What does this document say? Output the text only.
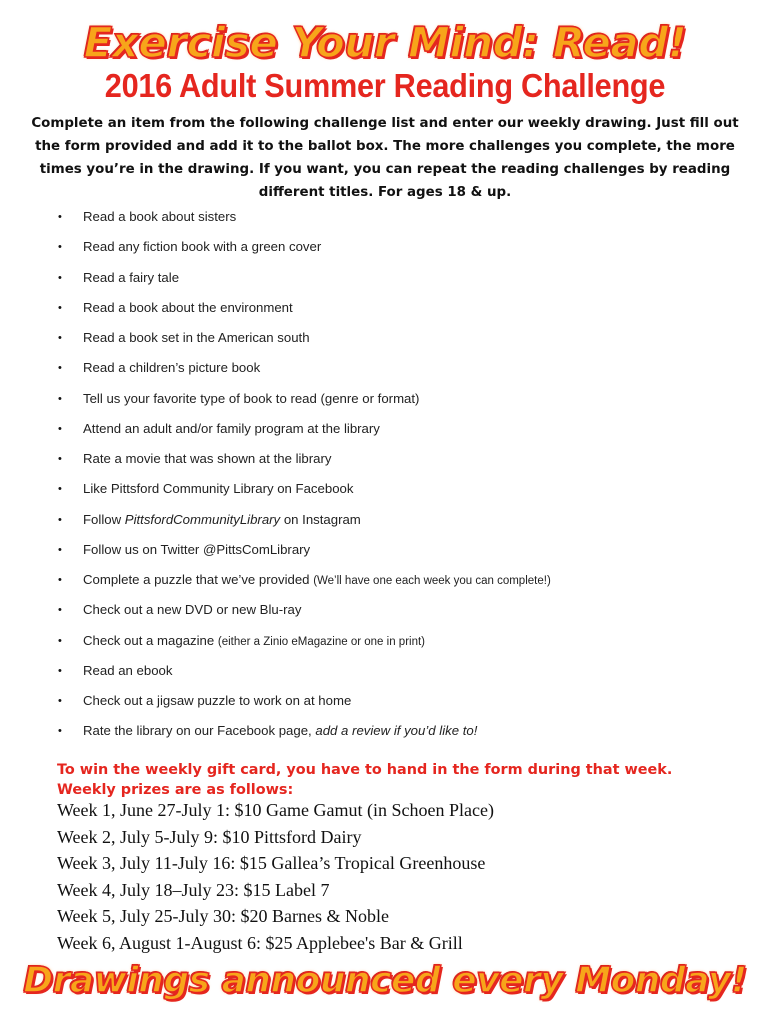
Exercise Your Mind: Read!
2016 Adult Summer Reading Challenge
Complete an item from the following challenge list and enter our weekly drawing. Just fill out the form provided and add it to the ballot box. The more challenges you complete, the more times you’re in the drawing. If you want, you can repeat the reading challenges by reading different titles. For ages 18 & up.
• Read a book about sisters
• Read any fiction book with a green cover
• Read a fairy tale
• Read a book about the environment
• Read a book set in the American south
• Read a children’s picture book
• Tell us your favorite type of book to read (genre or format)
• Attend an adult and/or family program at the library
• Rate a movie that was shown at the library
• Like Pittsford Community Library on Facebook
• Follow PittsfordCommunityLibrary on Instagram
• Follow us on Twitter @PittsComLibrary
• Complete a puzzle that we’ve provided (We’ll have one each week you can complete!)
• Check out a new DVD or new Blu-ray
• Check out a magazine (either a Zinio eMagazine or one in print)
• Read an ebook
• Check out a jigsaw puzzle to work on at home
• Rate the library on our Facebook page, add a review if you’d like to!
To win the weekly gift card, you have to hand in the form during that week.
Weekly prizes are as follows:
Week 1, June 27-July 1: $10 Game Gamut (in Schoen Place)
Week 2, July 5-July 9: $10 Pittsford Dairy
Week 3, July 11-July 16: $15 Gallea’s Tropical Greenhouse
Week 4, July 18–July 23: $15 Label 7
Week 5, July 25-July 30: $20 Barnes & Noble
Week 6, August 1-August 6: $25 Applebee's Bar & Grill
Drawings announced every Monday!
